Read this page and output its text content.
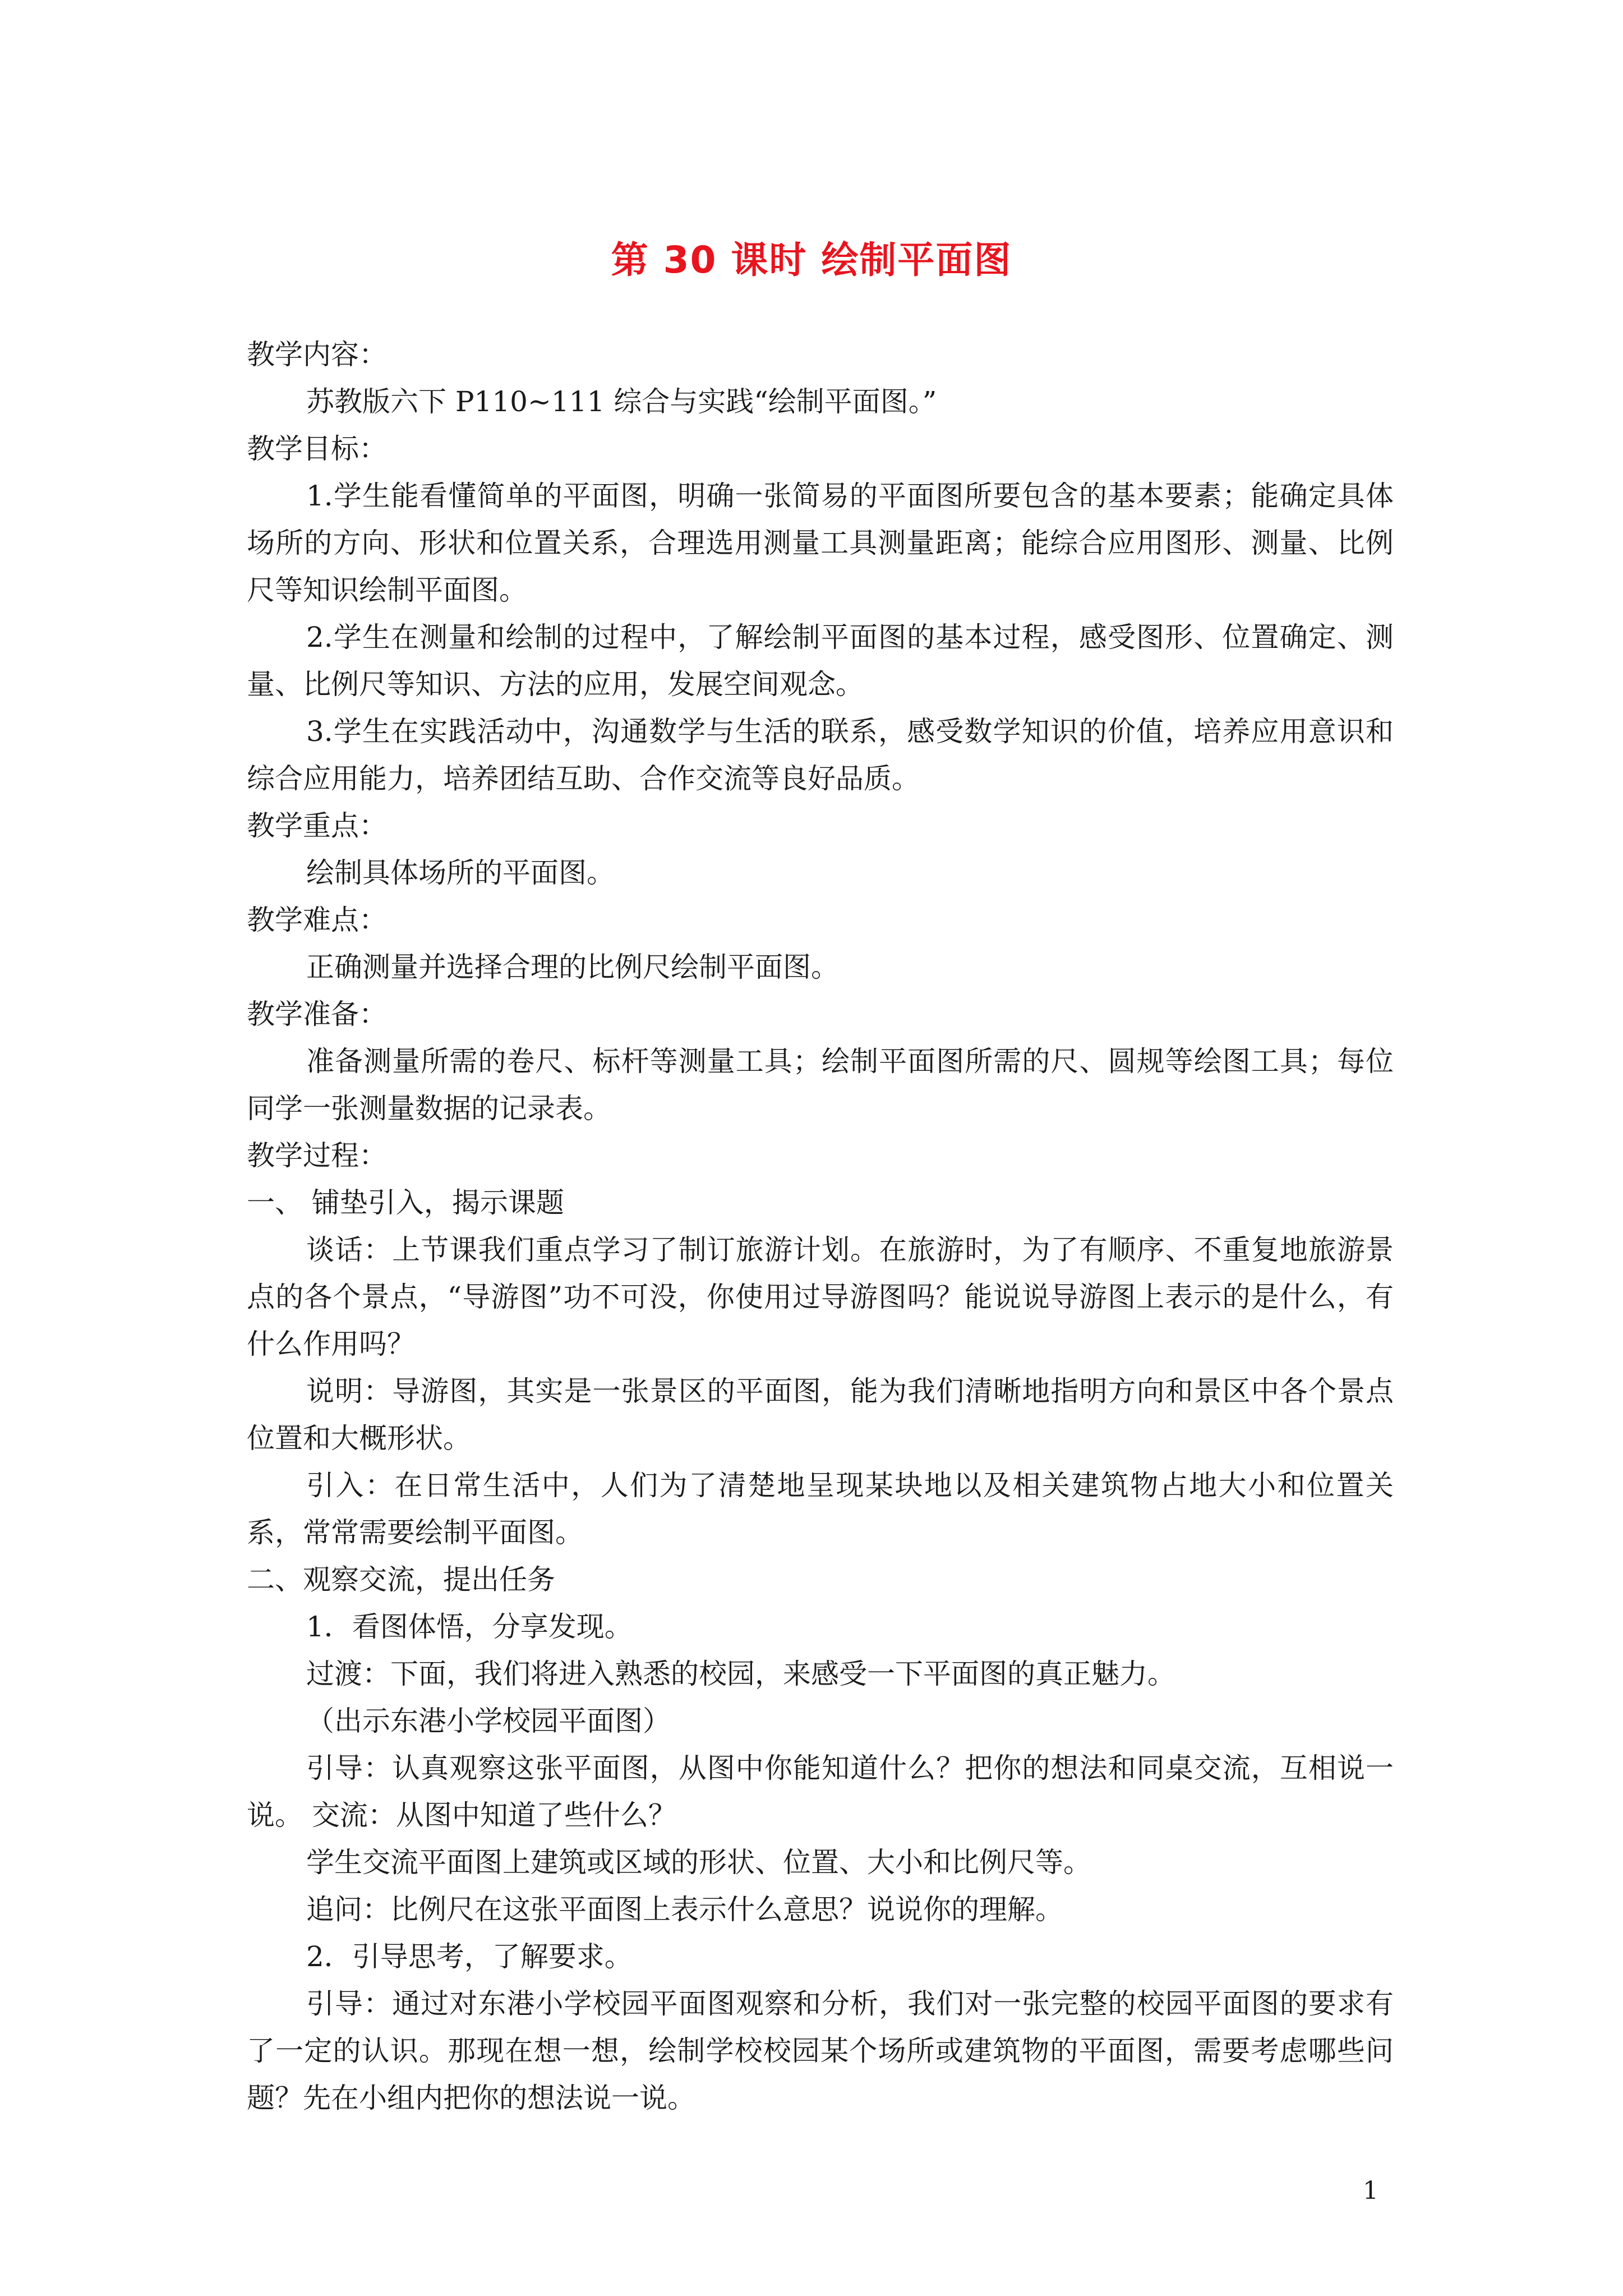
第 30 课时 绘制平面图

教学内容：

苏教版六下 P110~111 综合与实践“绘制平面图。”

教学目标：

1.学生能看懂简单的平面图，明确一张简易的平面图所要包含的基本要素；能确定具体场所的方向、形状和位置关系，合理选用测量工具测量距离；能综合应用图形、测量、比例尺等知识绘制平面图。

2.学生在测量和绘制的过程中，了解绘制平面图的基本过程，感受图形、位置确定、测量、比例尺等知识、方法的应用，发展空间观念。

3.学生在实践活动中，沟通数学与生活的联系，感受数学知识的价值，培养应用意识和综合应用能力，培养团结互助、合作交流等良好品质。

教学重点：

绘制具体场所的平面图。

教学难点：

正确测量并选择合理的比例尺绘制平面图。

教学准备：

准备测量所需的卷尺、标杆等测量工具；绘制平面图所需的尺、圆规等绘图工具；每位同学一张测量数据的记录表。

教学过程：

一、 铺垫引入，揭示课题

谈话：上节课我们重点学习了制订旅游计划。在旅游时，为了有顺序、不重复地旅游景点的各个景点，“导游图”功不可没，你使用过导游图吗？能说说导游图上表示的是什么，有什么作用吗？

说明：导游图，其实是一张景区的平面图，能为我们清晰地指明方向和景区中各个景点位置和大概形状。

引入：在日常生活中，人们为了清楚地呈现某块地以及相关建筑物占地大小和位置关系，常常需要绘制平面图。

二、观察交流，提出任务

1．看图体悟，分享发现。

过渡：下面，我们将进入熟悉的校园，来感受一下平面图的真正魅力。

（出示东港小学校园平面图）

引导：认真观察这张平面图，从图中你能知道什么？把你的想法和同桌交流，互相说一说。 交流：从图中知道了些什么？

学生交流平面图上建筑或区域的形状、位置、大小和比例尺等。

追问：比例尺在这张平面图上表示什么意思？说说你的理解。

2．引导思考，了解要求。

引导：通过对东港小学校园平面图观察和分析，我们对一张完整的校园平面图的要求有了一定的认识。那现在想一想，绘制学校校园某个场所或建筑物的平面图，需要考虑哪些问题？先在小组内把你的想法说一说。

1
